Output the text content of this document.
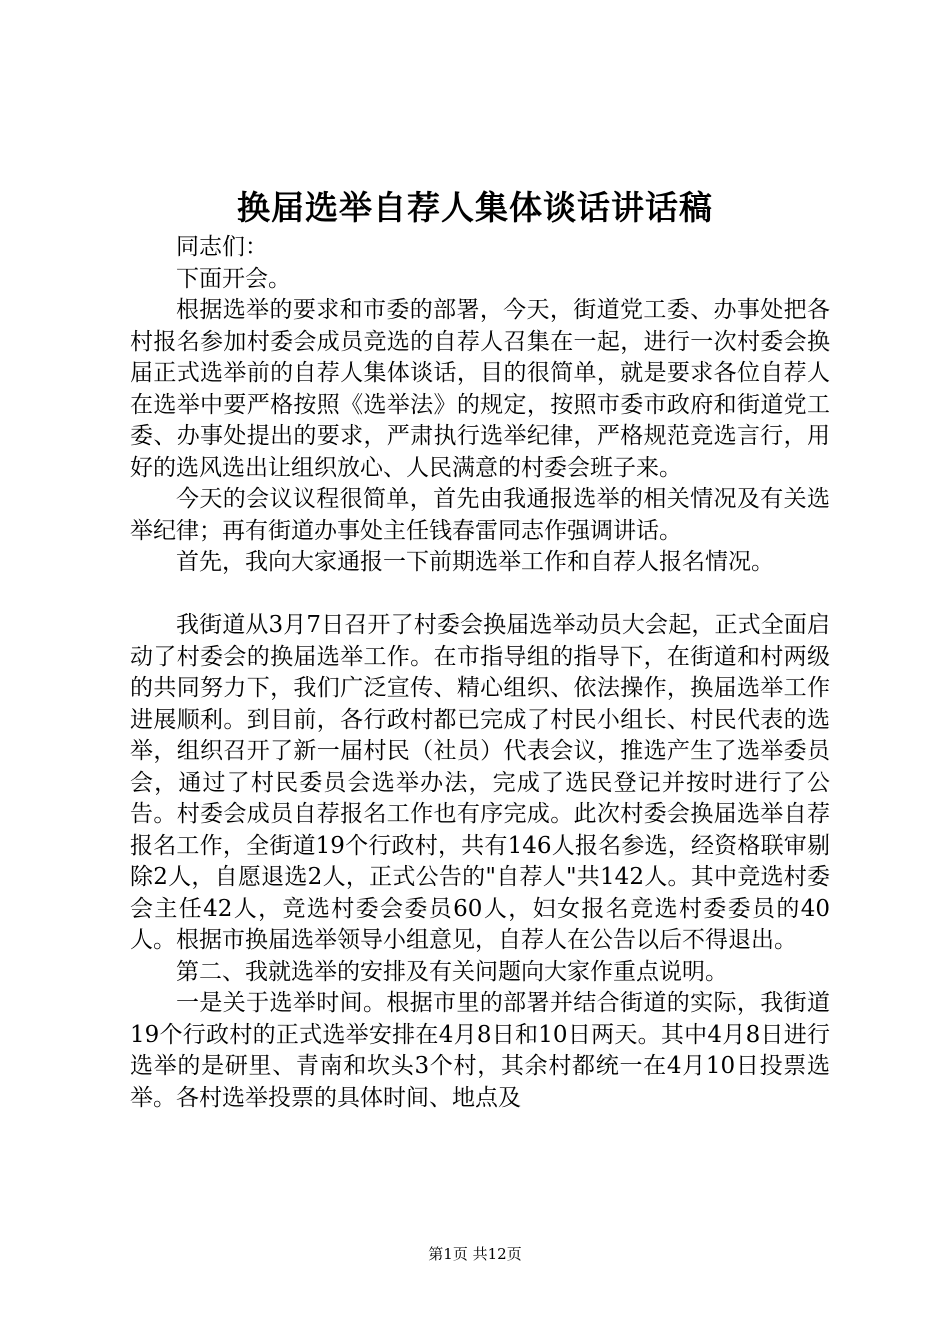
换届选举自荐人集体谈话讲话稿

同志们：

下面开会。

根据选举的要求和市委的部署，今天，街道党工委、办事处把各村报名参加村委会成员竞选的自荐人召集在一起，进行一次村委会换届正式选举前的自荐人集体谈话，目的很简单，就是要求各位自荐人在选举中要严格按照《选举法》的规定，按照市委市政府和街道党工委、办事处提出的要求，严肃执行选举纪律，严格规范竞选言行，用好的选风选出让组织放心、人民满意的村委会班子来。

今天的会议议程很简单，首先由我通报选举的相关情况及有关选举纪律；再有街道办事处主任钱春雷同志作强调讲话。

首先，我向大家通报一下前期选举工作和自荐人报名情况。

我街道从3月7日召开了村委会换届选举动员大会起，正式全面启动了村委会的换届选举工作。在市指导组的指导下，在街道和村两级的共同努力下，我们广泛宣传、精心组织、依法操作，换届选举工作进展顺利。到目前，各行政村都已完成了村民小组长、村民代表的选举，组织召开了新一届村民（社员）代表会议，推选产生了选举委员会，通过了村民委员会选举办法，完成了选民登记并按时进行了公告。村委会成员自荐报名工作也有序完成。此次村委会换届选举自荐报名工作，全街道19个行政村，共有146人报名参选，经资格联审剔除2人，自愿退选2人，正式公告的"自荐人"共142人。其中竞选村委会主任42人，竞选村委会委员60人，妇女报名竞选村委委员的40人。根据市换届选举领导小组意见，自荐人在公告以后不得退出。

第二、我就选举的安排及有关问题向大家作重点说明。

一是关于选举时间。根据市里的部署并结合街道的实际，我街道19个行政村的正式选举安排在4月8日和10日两天。其中4月8日进行选举的是研里、青南和坎头3个村，其余村都统一在4月10日投票选举。各村选举投票的具体时间、地点及

第1页 共12页
